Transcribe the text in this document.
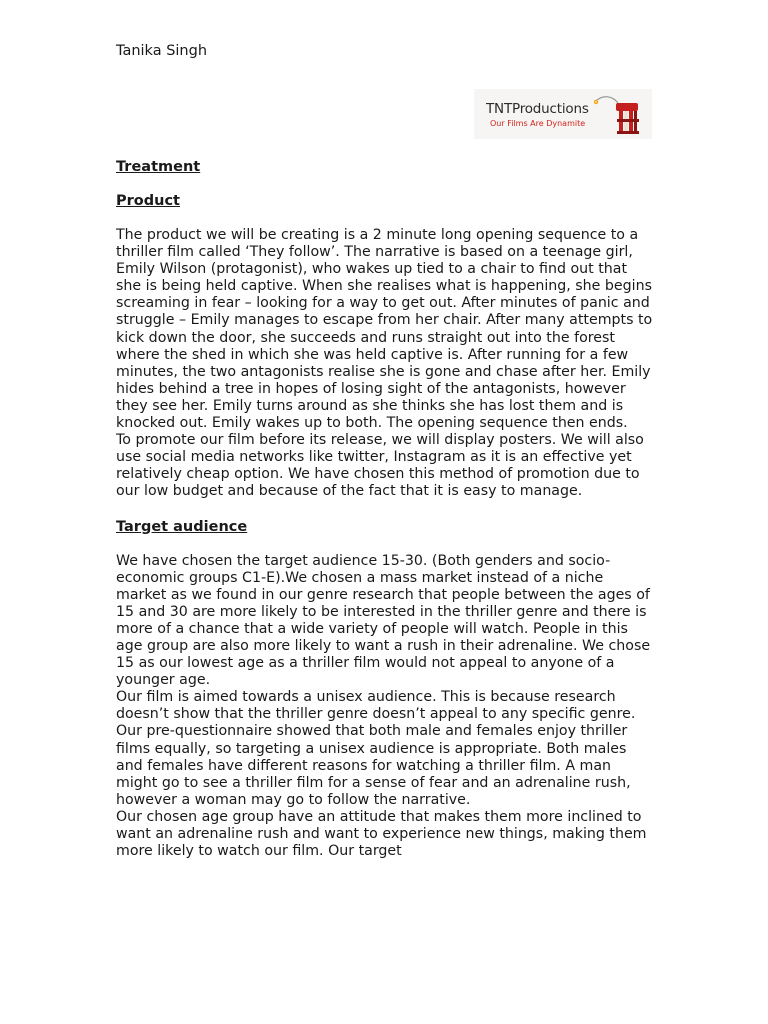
Tanika Singh

TNTProductions
Our Films Are Dynamite
Treatment
Product

The product we will be creating is a 2 minute long opening sequence to a thriller film called ‘They follow’. The narrative is based on a teenage girl, Emily Wilson (protagonist), who wakes up tied to a chair to find out that she is being held captive. When she realises what is happening, she begins screaming in fear – looking for a way to get out. After minutes of panic and struggle – Emily manages to escape from her chair. After many attempts to kick down the door, she succeeds and runs straight out into the forest where the shed in which she was held captive is. After running for a few minutes, the two antagonists realise she is gone and chase after her. Emily hides behind a tree in hopes of losing sight of the antagonists, however they see her. Emily turns around as she thinks she has lost them and is knocked out. Emily wakes up to both. The opening sequence then ends.

To promote our film before its release, we will display posters. We will also use social media networks like twitter, Instagram as it is an effective yet relatively cheap option. We have chosen this method of promotion due to our low budget and because of the fact that it is easy to manage.

Target audience

We have chosen the target audience 15-30. (Both genders and socio-economic groups C1-E).We chosen a mass market instead of a niche market as we found in our genre research that people between the ages of 15 and 30 are more likely to be interested in the thriller genre and there is more of a chance that a wide variety of people will watch. People in this age group are also more likely to want a rush in their adrenaline. We chose 15 as our lowest age as a thriller film would not appeal to anyone of a younger age.

Our film is aimed towards a unisex audience. This is because research doesn’t show that the thriller genre doesn’t appeal to any specific genre. Our pre-questionnaire showed that both male and females enjoy thriller films equally, so targeting a unisex audience is appropriate. Both males and females have different reasons for watching a thriller film. A man might go to see a thriller film for a sense of fear and an adrenaline rush, however a woman may go to follow the narrative.

Our chosen age group have an attitude that makes them more inclined to want an adrenaline rush and want to experience new things, making them more likely to watch our film. Our target
